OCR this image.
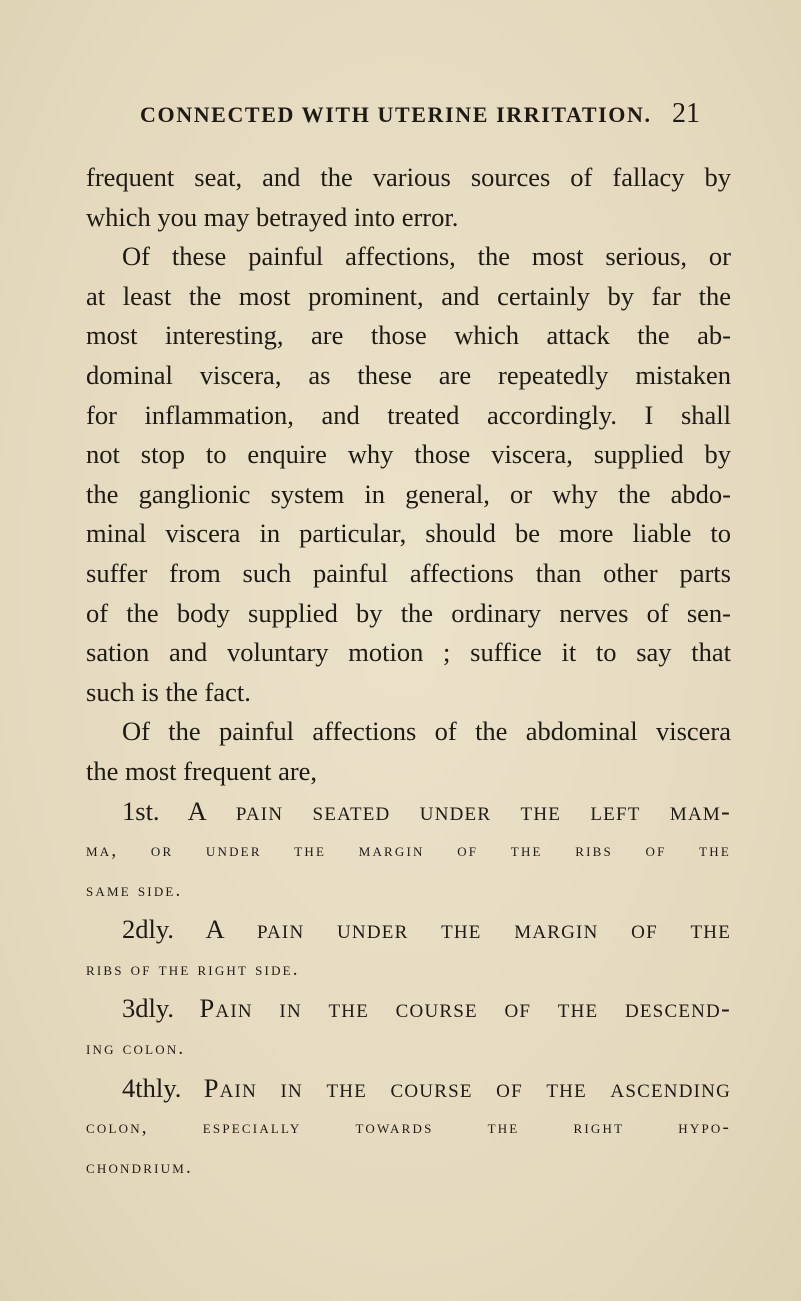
CONNECTED WITH UTERINE IRRITATION. 21
frequent seat, and the various sources of fallacy by
which you may betrayed into error.
Of these painful affections, the most serious, or
at least the most prominent, and certainly by far the
most interesting, are those which attack the ab-
dominal viscera, as these are repeatedly mistaken
for inflammation, and treated accordingly. I shall
not stop to enquire why those viscera, supplied by
the ganglionic system in general, or why the abdo-
minal viscera in particular, should be more liable to
suffer from such painful affections than other parts
of the body supplied by the ordinary nerves of sen-
sation and voluntary motion ; suffice it to say that
such is the fact.
Of the painful affections of the abdominal viscera
the most frequent are,
1st. A pain seated under the left mam-
ma, or under the margin of the ribs of the
same side.
2dly. A pain under the margin of the
ribs of the right side.
3dly. Pain in the course of the descend-
ing colon.
4thly. Pain in the course of the ascending
colon, especially towards the right hypo-
chondrium.
